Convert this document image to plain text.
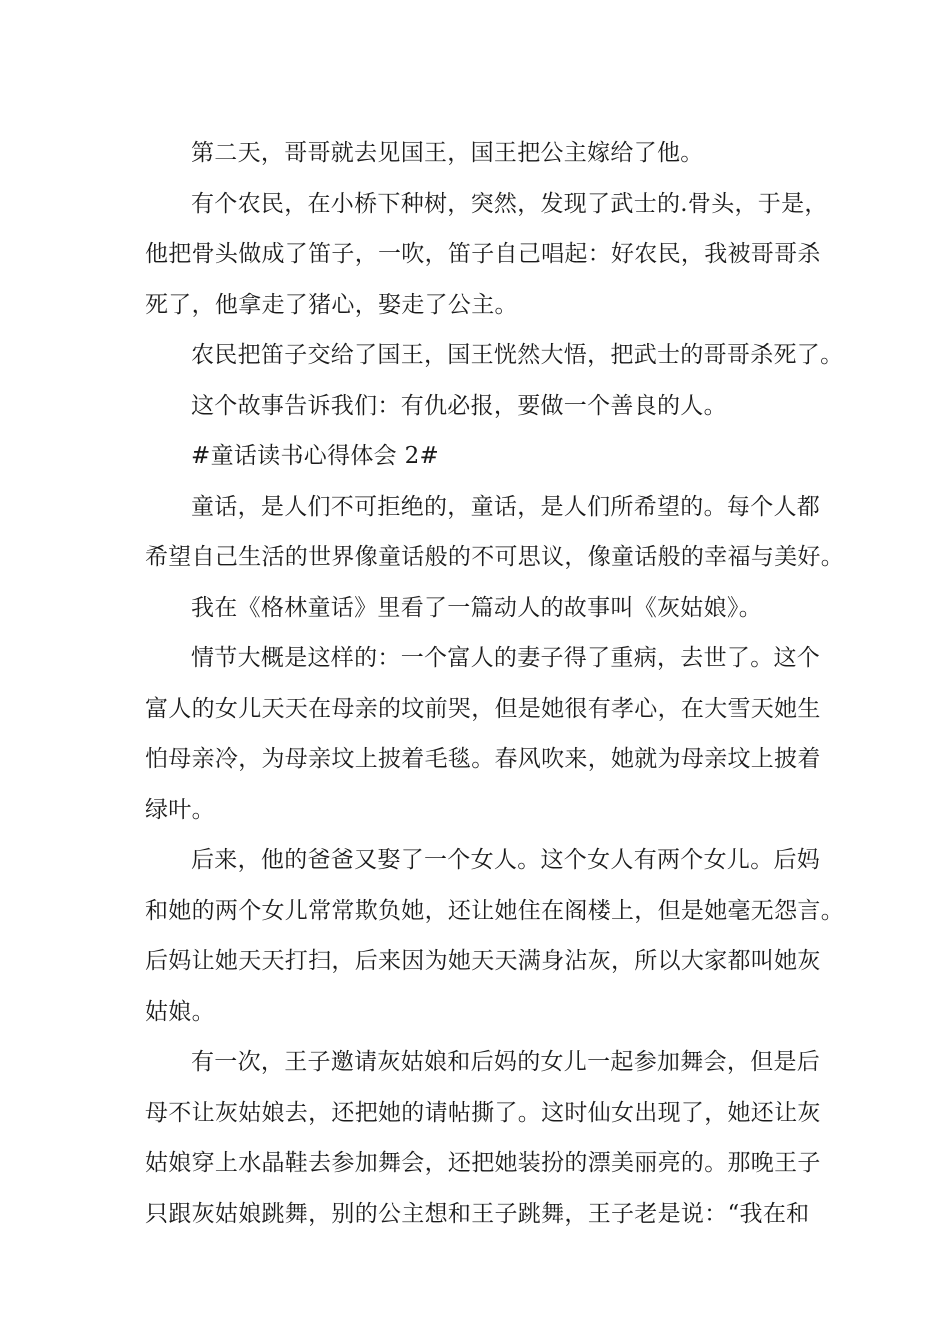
第二天，哥哥就去见国王，国王把公主嫁给了他。
有个农民，在小桥下种树，突然，发现了武士的.骨头，于是，
他把骨头做成了笛子，一吹，笛子自己唱起：好农民，我被哥哥杀
死了，他拿走了猪心，娶走了公主。
农民把笛子交给了国王，国王恍然大悟，把武士的哥哥杀死了。
这个故事告诉我们：有仇必报，要做一个善良的人。
#童话读书心得体会 2#
童话，是人们不可拒绝的，童话，是人们所希望的。每个人都
希望自己生活的世界像童话般的不可思议，像童话般的幸福与美好。
我在《格林童话》里看了一篇动人的故事叫《灰姑娘》。
情节大概是这样的：一个富人的妻子得了重病，去世了。这个
富人的女儿天天在母亲的坟前哭，但是她很有孝心，在大雪天她生
怕母亲冷，为母亲坟上披着毛毯。春风吹来，她就为母亲坟上披着
绿叶。
后来，他的爸爸又娶了一个女人。这个女人有两个女儿。后妈
和她的两个女儿常常欺负她，还让她住在阁楼上，但是她毫无怨言。
后妈让她天天打扫，后来因为她天天满身沾灰，所以大家都叫她灰
姑娘。
有一次，王子邀请灰姑娘和后妈的女儿一起参加舞会，但是后
母不让灰姑娘去，还把她的请帖撕了。这时仙女出现了，她还让灰
姑娘穿上水晶鞋去参加舞会，还把她装扮的漂美丽亮的。那晚王子
只跟灰姑娘跳舞，别的公主想和王子跳舞，王子老是说：“我在和
